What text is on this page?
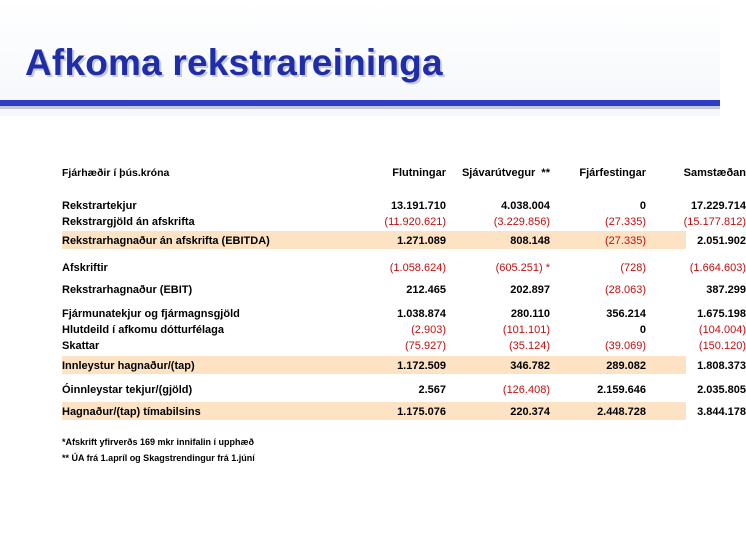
Afkoma rekstrareininga
Fjárhæðir í þús.króna	Flutningar	Sjávarútvegur  **	Fjárfestingar	Samstæðan
Rekstrartekjur	13.191.710	4.038.004	0	17.229.714
Rekstrargjöld án afskrifta	(11.920.621)	(3.229.856)	(27.335)	(15.177.812)
Rekstrarhagnaður án afskrifta (EBITDA)	1.271.089	808.148	(27.335)	2.051.902
Afskriftir	(1.058.624)	(605.251) *	(728)	(1.664.603)
Rekstrarhagnaður (EBIT)	212.465	202.897	(28.063)	387.299
Fjármunatekjur og fjármagnsgjöld	1.038.874	280.110	356.214	1.675.198
Hlutdeild í afkomu dótturfélaga	(2.903)	(101.101)	0	(104.004)
Skattar	(75.927)	(35.124)	(39.069)	(150.120)
Innleystur hagnaður/(tap)	1.172.509	346.782	289.082	1.808.373
Óinnleystar tekjur/(gjöld)	2.567	(126.408)	2.159.646	2.035.805
Hagnaður/(tap) tímabilsins	1.175.076	220.374	2.448.728	3.844.178
*Afskrift yfirverðs 169 mkr innifalin í upphæð
** ÚA frá 1.apríl og Skagstrendingur frá 1.júní
